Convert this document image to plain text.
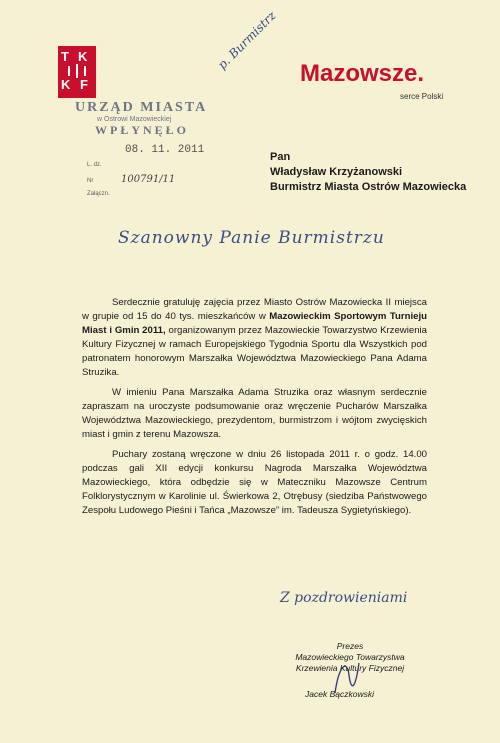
T K
K F	Mazowsze.
serce Polski
URZĄD MIASTA
w Ostrowi Mazowieckiej
WPŁYNĘŁO
08. 11. 2011
L. dz.
Nr	100791/11
Załączn.
p. Burmistrz
Pan
Władysław Krzyżanowski
Burmistrz Miasta Ostrów Mazowiecka
Szanowny Panie Burmistrzu

Serdecznie gratuluję zajęcia przez Miasto Ostrów Mazowiecka II miejsca w grupie od 15 do 40 tys. mieszkańców w Mazowieckim Sportowym Turnieju Miast i Gmin 2011, organizowanym przez Mazowieckie Towarzystwo Krzewienia Kultury Fizycznej w ramach Europejskiego Tygodnia Sportu dla Wszystkich pod patronatem honorowym Marszałka Województwa Mazowieckiego Pana Adama Struzika.

W imieniu Pana Marszałka Adama Struzika oraz własnym serdecznie zapraszam na uroczyste podsumowanie oraz wręczenie Pucharów Marszałka Województwa Mazowieckiego, prezydentom, burmistrzom i wójtom zwycięskich miast i gmin z terenu Mazowsza.

Puchary zostaną wręczone w dniu 26 listopada 2011 r. o godz. 14.00 podczas gali XII edycji konkursu Nagroda Marszałka Województwa Mazowieckiego, która odbędzie się w Mateczniku Mazowsze Centrum Folklorystycznym w Karolinie ul. Świerkowa 2, Otrębusy (siedziba Państwowego Zespołu Ludowego Pieśni i Tańca „Mazowsze” im. Tadeusza Sygietyńskiego).

Z pozdrowieniami
Prezes
Mazowieckiego Towarzystwa
Krzewienia Kultury Fizycznej
Jacek Bączkowski
